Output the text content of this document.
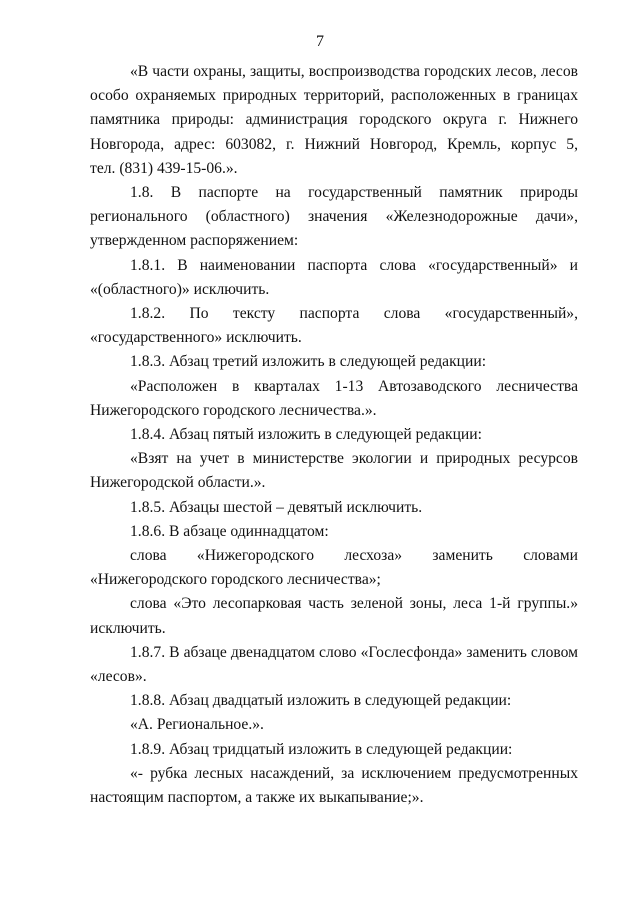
7
«В части охраны, защиты, воспроизводства городских лесов, лесов
особо охраняемых природных территорий, расположенных в границах
памятника природы: администрация городского округа г. Нижнего
Новгорода, адрес: 603082, г. Нижний Новгород, Кремль, корпус 5,
тел. (831) 439-15-06.».
1.8. В паспорте на государственный памятник природы
регионального (областного) значения «Железнодорожные дачи»,
утвержденном распоряжением:
1.8.1. В наименовании паспорта слова «государственный» и
«(областного)» исключить.
1.8.2. По тексту паспорта слова «государственный»,
«государственного» исключить.
1.8.3. Абзац третий изложить в следующей редакции:
«Расположен в кварталах 1-13 Автозаводского лесничества
Нижегородского городского лесничества.».
1.8.4. Абзац пятый изложить в следующей редакции:
«Взят на учет в министерстве экологии и природных ресурсов
Нижегородской области.».
1.8.5. Абзацы шестой – девятый исключить.
1.8.6. В абзаце одиннадцатом:
слова «Нижегородского лесхоза» заменить словами
«Нижегородского городского лесничества»;
слова «Это лесопарковая часть зеленой зоны, леса 1-й группы.»
исключить.
1.8.7. В абзаце двенадцатом слово «Гослесфонда» заменить словом
«лесов».
1.8.8. Абзац двадцатый изложить в следующей редакции:
«А. Региональное.».
1.8.9. Абзац тридцатый изложить в следующей редакции:
«- рубка лесных насаждений, за исключением предусмотренных
настоящим паспортом, а также их выкапывание;».
